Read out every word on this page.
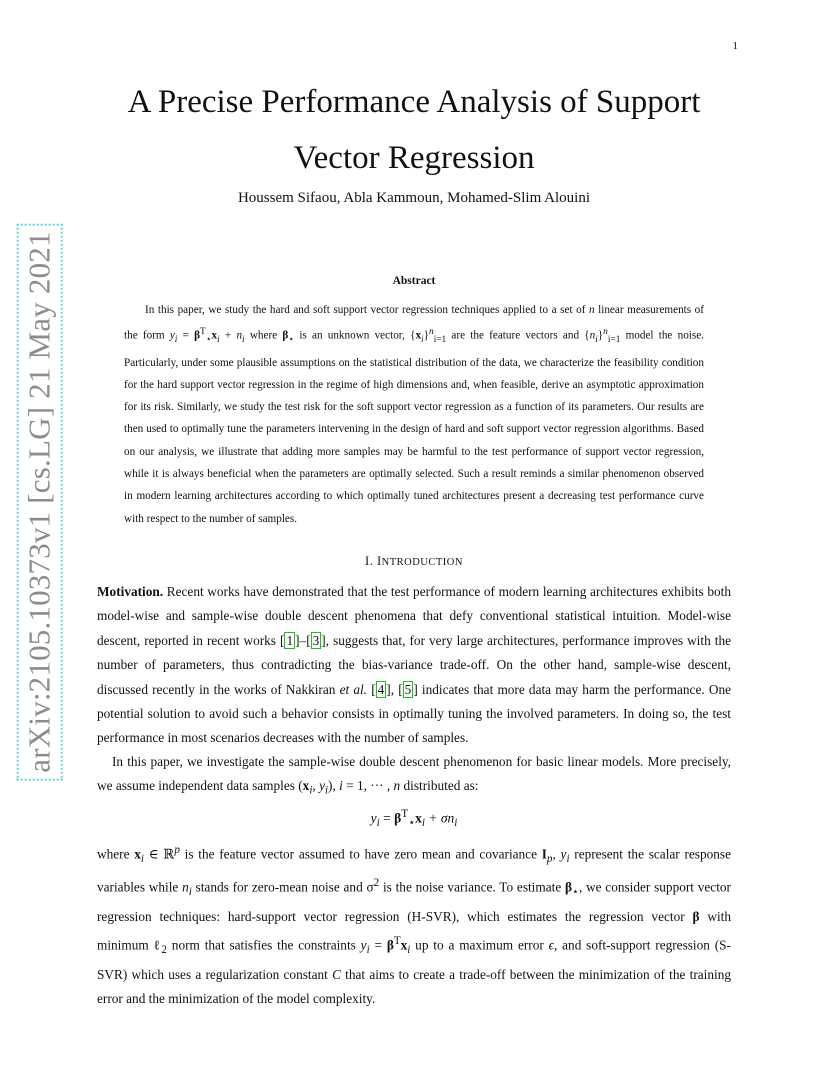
1
arXiv:2105.10373v1 [cs.LG] 21 May 2021
A Precise Performance Analysis of Support Vector Regression
Houssem Sifaou, Abla Kammoun, Mohamed-Slim Alouini
Abstract

In this paper, we study the hard and soft support vector regression techniques applied to a set of n linear measurements of the form $y_i = \beta^T_⋆x_i + n_i$ where $\beta_⋆$ is an unknown vector, $\{x_i\}^n_{i=1}$ are the feature vectors and $\{n_i\}^n_{i=1}$ model the noise. Particularly, under some plausible assumptions on the statistical distribution of the data, we characterize the feasibility condition for the hard support vector regression in the regime of high dimensions and, when feasible, derive an asymptotic approximation for its risk. Similarly, we study the test risk for the soft support vector regression as a function of its parameters. Our results are then used to optimally tune the parameters intervening in the design of hard and soft support vector regression algorithms. Based on our analysis, we illustrate that adding more samples may be harmful to the test performance of support vector regression, while it is always beneficial when the parameters are optimally selected. Such a result reminds a similar phenomenon observed in modern learning architectures according to which optimally tuned architectures present a decreasing test performance curve with respect to the number of samples.

I. INTRODUCTION

Motivation. Recent works have demonstrated that the test performance of modern learning architectures exhibits both model-wise and sample-wise double descent phenomena that defy conventional statistical intuition. Model-wise descent, reported in recent works [ 1 ]–[ 3 ], suggests that, for very large architectures, performance improves with the number of parameters, thus contradicting the bias-variance trade-off. On the other hand, sample-wise descent, discussed recently in the works of Nakkiran et al. [ 4 ], [ 5 ] indicates that more data may harm the performance. One potential solution to avoid such a behavior consists in optimally tuning the involved parameters. In doing so, the test performance in most scenarios decreases with the number of samples.

In this paper, we investigate the sample-wise double descent phenomenon for basic linear models. More precisely, we assume independent data samples ($x_i$, $y_i$), i = 1, ··· , n distributed as:

$y_i = \beta^T_⋆x_i + \sigma n_i$

where $x_i$ ∈ ℝ$^p$ is the feature vector assumed to have zero mean and covariance $I_p$, $y_i$ represent the scalar response variables while $n_i$ stands for zero-mean noise and $\sigma^2$ is the noise variance. To estimate $\beta_⋆$, we consider support vector regression techniques: hard-support vector regression (H-SVR), which estimates the regression vector β with minimum ℓ$_2$ norm that satisfies the constraints $y_i = \beta^Tx_i$ up to a maximum error ϵ, and soft-support regression (S-SVR) which uses a regularization constant C that aims to create a trade-off between the minimization of the training error and the minimization of the model complexity.
